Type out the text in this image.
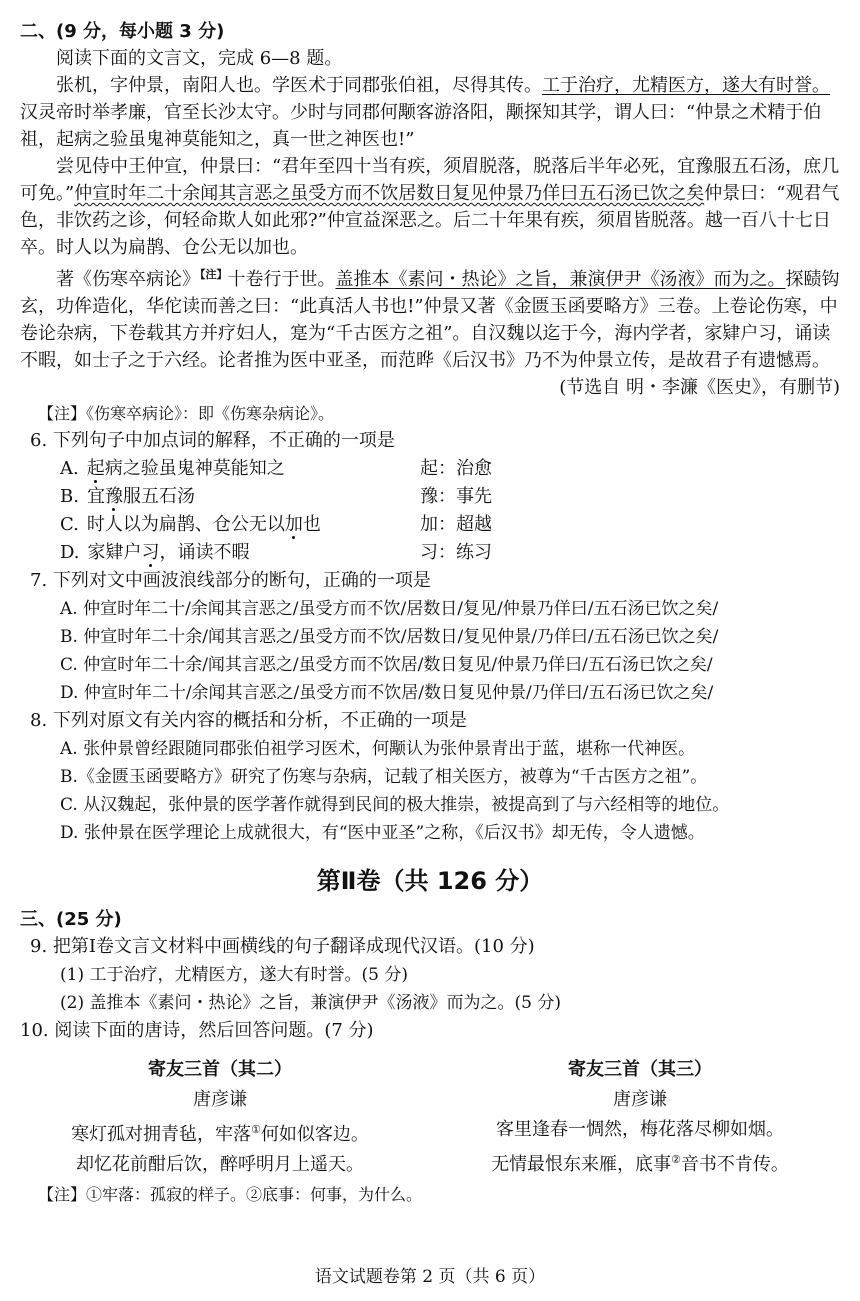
二、(9 分，每小题 3 分)
阅读下面的文言文，完成 6—8 题。
张机，字仲景，南阳人也。学医术于同郡张伯祖，尽得其传。工于治疗，尤精医方，遂大有时誉。汉灵帝时举孝廉，官至长沙太守。少时与同郡何颙客游洛阳，颙探知其学，谓人曰：“仲景之术精于伯祖，起病之验虽鬼神莫能知之，真一世之神医也!”
尝见侍中王仲宣，仲景曰：“君年至四十当有疾，须眉脱落，脱落后半年必死，宜豫服五石汤，庶几可免。”仲宣时年二十余闻其言恶之虽受方而不饮居数日复见仲景乃佯曰五石汤已饮之矣仲景曰：“观君气色，非饮药之诊，何轻命欺人如此邪?”仲宣益深恶之。后二十年果有疾，须眉皆脱落。越一百八十七日卒。时人以为扁鹊、仓公无以加也。
著《伤寒卒病论》$^{【注】}$十卷行于世。盖推本《素问・热论》之旨，兼演伊尹《汤液》而为之。探赜钩玄，功侔造化，华佗读而善之曰：“此真活人书也!”仲景又著《金匮玉函要略方》三卷。上卷论伤寒，中卷论杂病，下卷载其方并疗妇人，寔为“千古医方之祖”。自汉魏以迄于今，海内学者，家肄户习，诵读不暇，如士子之于六经。论者推为医中亚圣，而范晔《后汉书》乃不为仲景立传，是故君子有遗憾焉。
(节选自 明・李濂《医史》，有删节)
【注】《伤寒卒病论》：即《伤寒杂病论》。
6. 下列句子中加点词的解释，不正确的一项是
A. 起病之验虽鬼神莫能知之	起：治愈
B. 宜豫服五石汤	豫：事先
C. 时人以为扁鹊、仓公无以加也	加：超越
D. 家肄户习，诵读不暇	习：练习
7. 下列对文中画波浪线部分的断句，正确的一项是
A. 仲宣时年二十/余闻其言恶之/虽受方而不饮/居数日/复见/仲景乃佯曰/五石汤已饮之矣/
B. 仲宣时年二十余/闻其言恶之/虽受方而不饮/居数日/复见仲景/乃佯曰/五石汤已饮之矣/
C. 仲宣时年二十余/闻其言恶之/虽受方而不饮居/数日复见/仲景乃佯曰/五石汤已饮之矣/
D. 仲宣时年二十/余闻其言恶之/虽受方而不饮居/数日复见仲景/乃佯曰/五石汤已饮之矣/
8. 下列对原文有关内容的概括和分析，不正确的一项是
A. 张仲景曾经跟随同郡张伯祖学习医术，何颙认为张仲景青出于蓝，堪称一代神医。
B.《金匮玉函要略方》研究了伤寒与杂病，记载了相关医方，被尊为“千古医方之祖”。
C. 从汉魏起，张仲景的医学著作就得到民间的极大推崇，被提高到了与六经相等的地位。
D. 张仲景在医学理论上成就很大，有“医中亚圣”之称，《后汉书》却无传，令人遗憾。
第Ⅱ卷（共 126 分）
三、(25 分)
9. 把第Ⅰ卷文言文材料中画横线的句子翻译成现代汉语。(10 分)
(1) 工于治疗，尤精医方，遂大有时誉。(5 分)
(2) 盖推本《素问・热论》之旨，兼演伊尹《汤液》而为之。(5 分)
10. 阅读下面的唐诗，然后回答问题。(7 分)
寄友三首（其二）
唐彦谦
寒灯孤对拥青毡，牢落①何如似客边。
却忆花前酣后饮，醉呼明月上遥天。
寄友三首（其三）
唐彦谦
客里逢春一惆然，梅花落尽柳如烟。
无情最恨东来雁，底事②音书不肯传。
【注】①牢落：孤寂的样子。②底事：何事，为什么。
语文试题卷第 2 页（共 6 页）
